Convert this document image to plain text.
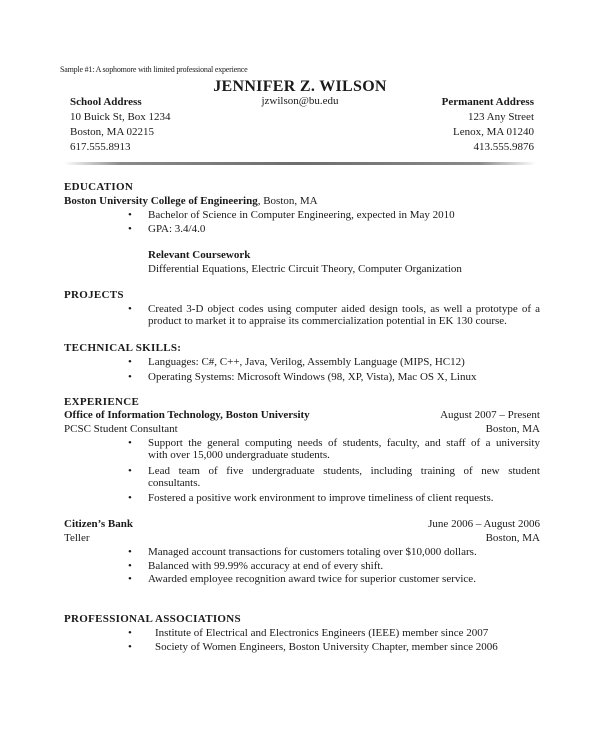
Sample #1: A sophomore with limited professional experience
JENNIFER Z. WILSON
School Address
10 Buick St, Box 1234
Boston, MA 02215
617.555.8913
jzwilson@bu.edu	Permanent Address
123 Any Street
Lenox, MA 01240
413.555.9876
EDUCATION
Boston University College of Engineering, Boston, MA
• Bachelor of Science in Computer Engineering, expected in May 2010
• GPA: 3.4/4.0
Relevant Coursework
Differential Equations, Electric Circuit Theory, Computer Organization
PROJECTS
• Created 3-D object codes using computer aided design tools, as well a prototype of a
product to market it to appraise its commercialization potential in EK 130 course.
TECHNICAL SKILLS:
• Languages: C#, C++, Java, Verilog, Assembly Language (MIPS, HC12)
• Operating Systems: Microsoft Windows (98, XP, Vista), Mac OS X, Linux
EXPERIENCE
Office of Information Technology, Boston University	August 2007 – Present
PCSC Student Consultant	Boston, MA
• Support the general computing needs of students, faculty, and staff of a university
with over 15,000 undergraduate students.
• Lead team of five undergraduate students, including training of new student
consultants.
• Fostered a positive work environment to improve timeliness of client requests.
Citizen’s Bank	June 2006 – August 2006
Teller	Boston, MA
• Managed account transactions for customers totaling over $10,000 dollars.
• Balanced with 99.99% accuracy at end of every shift.
• Awarded employee recognition award twice for superior customer service.
PROFESSIONAL ASSOCIATIONS
• Institute of Electrical and Electronics Engineers (IEEE) member since 2007
• Society of Women Engineers, Boston University Chapter, member since 2006
